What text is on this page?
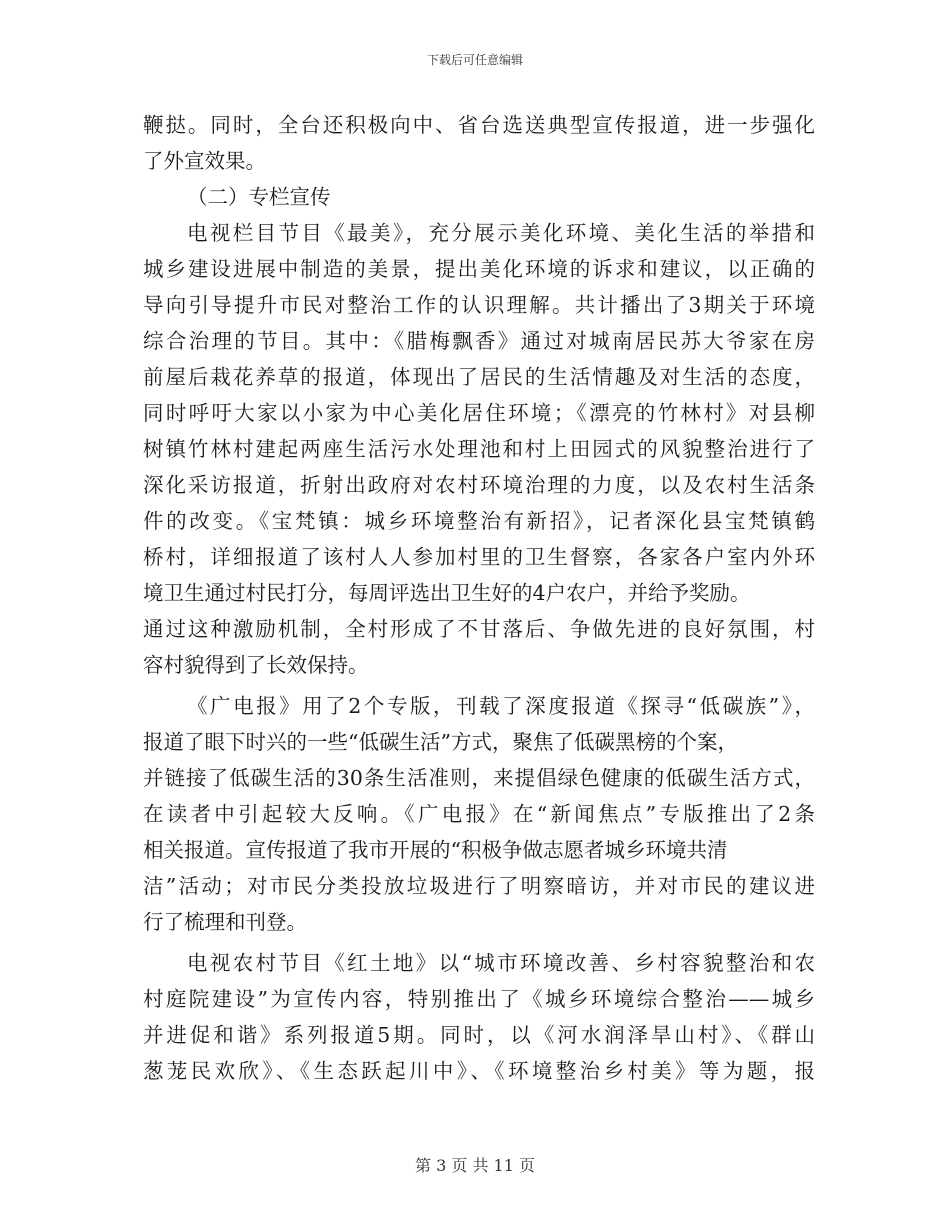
下载后可任意编辑
鞭挞。同时，全台还积极向中、省台选送典型宣传报道，进一步强化
了外宣效果。
（二）专栏宣传
电视栏目节目《最美》，充分展示美化环境、美化生活的举措和
城乡建设进展中制造的美景，提出美化环境的诉求和建议，以正确的
导向引导提升市民对整治工作的认识理解。共计播出了3期关于环境
综合治理的节目。其中：《腊梅飘香》通过对城南居民苏大爷家在房
前屋后栽花养草的报道，体现出了居民的生活情趣及对生活的态度，
同时呼吁大家以小家为中心美化居住环境；《漂亮的竹林村》对县柳
树镇竹林村建起两座生活污水处理池和村上田园式的风貌整治进行了
深化采访报道，折射出政府对农村环境治理的力度，以及农村生活条
件的改变。《宝梵镇：城乡环境整治有新招》，记者深化县宝梵镇鹤
桥村，详细报道了该村人人参加村里的卫生督察，各家各户室内外环
境卫生通过村民打分，每周评选出卫生好的4户农户，并给予奖励。
通过这种激励机制，全村形成了不甘落后、争做先进的良好氛围，村
容村貌得到了长效保持。
《广电报》用了2个专版，刊载了深度报道《探寻“低碳族”》，
报道了眼下时兴的一些“低碳生活”方式，聚焦了低碳黑榜的个案，
并链接了低碳生活的30条生活准则，来提倡绿色健康的低碳生活方式，
在读者中引起较大反响。《广电报》在“新闻焦点”专版推出了2条
相关报道。宣传报道了我市开展的“积极争做志愿者城乡环境共清
洁”活动；对市民分类投放垃圾进行了明察暗访，并对市民的建议进
行了梳理和刊登。
电视农村节目《红土地》以“城市环境改善、乡村容貌整治和农
村庭院建设”为宣传内容，特别推出了《城乡环境综合整治——城乡
并进促和谐》系列报道5期。同时，以《河水润泽旱山村》、《群山
葱茏民欢欣》、《生态跃起川中》、《环境整治乡村美》等为题，报
第 3 页 共 11 页
